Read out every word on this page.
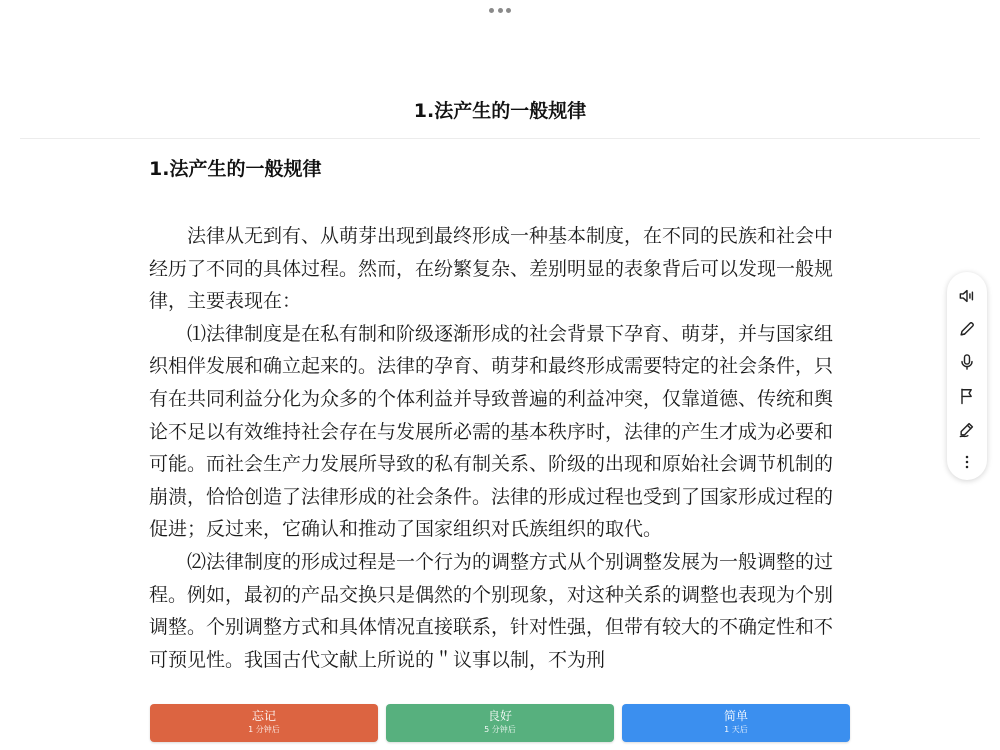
1.法产生的一般规律
1.法产生的一般规律

法律从无到有、从萌芽出现到最终形成一种基本制度，在不同的民族和社会中经历了不同的具体过程。然而，在纷繁复杂、差别明显的表象背后可以发现一般规律，主要表现在：

⑴法律制度是在私有制和阶级逐渐形成的社会背景下孕育、萌芽，并与国家组织相伴发展和确立起来的。法律的孕育、萌芽和最终形成需要特定的社会条件，只有在共同利益分化为众多的个体利益并导致普遍的利益冲突，仅靠道德、传统和舆论不足以有效维持社会存在与发展所必需的基本秩序时，法律的产生才成为必要和可能。而社会生产力发展所导致的私有制关系、阶级的出现和原始社会调节机制的崩溃，恰恰创造了法律形成的社会条件。法律的形成过程也受到了国家形成过程的促进；反过来，它确认和推动了国家组织对氏族组织的取代。

⑵法律制度的形成过程是一个行为的调整方式从个别调整发展为一般调整的过程。例如，最初的产品交换只是偶然的个别现象，对这种关系的调整也表现为个别调整。个别调整方式和具体情况直接联系，针对性强，但带有较大的不确定性和不可预见性。我国古代文献上所说的＂议事以制，不为刑

忘记
1 分钟后
良好
5 分钟后
简单
1 天后
